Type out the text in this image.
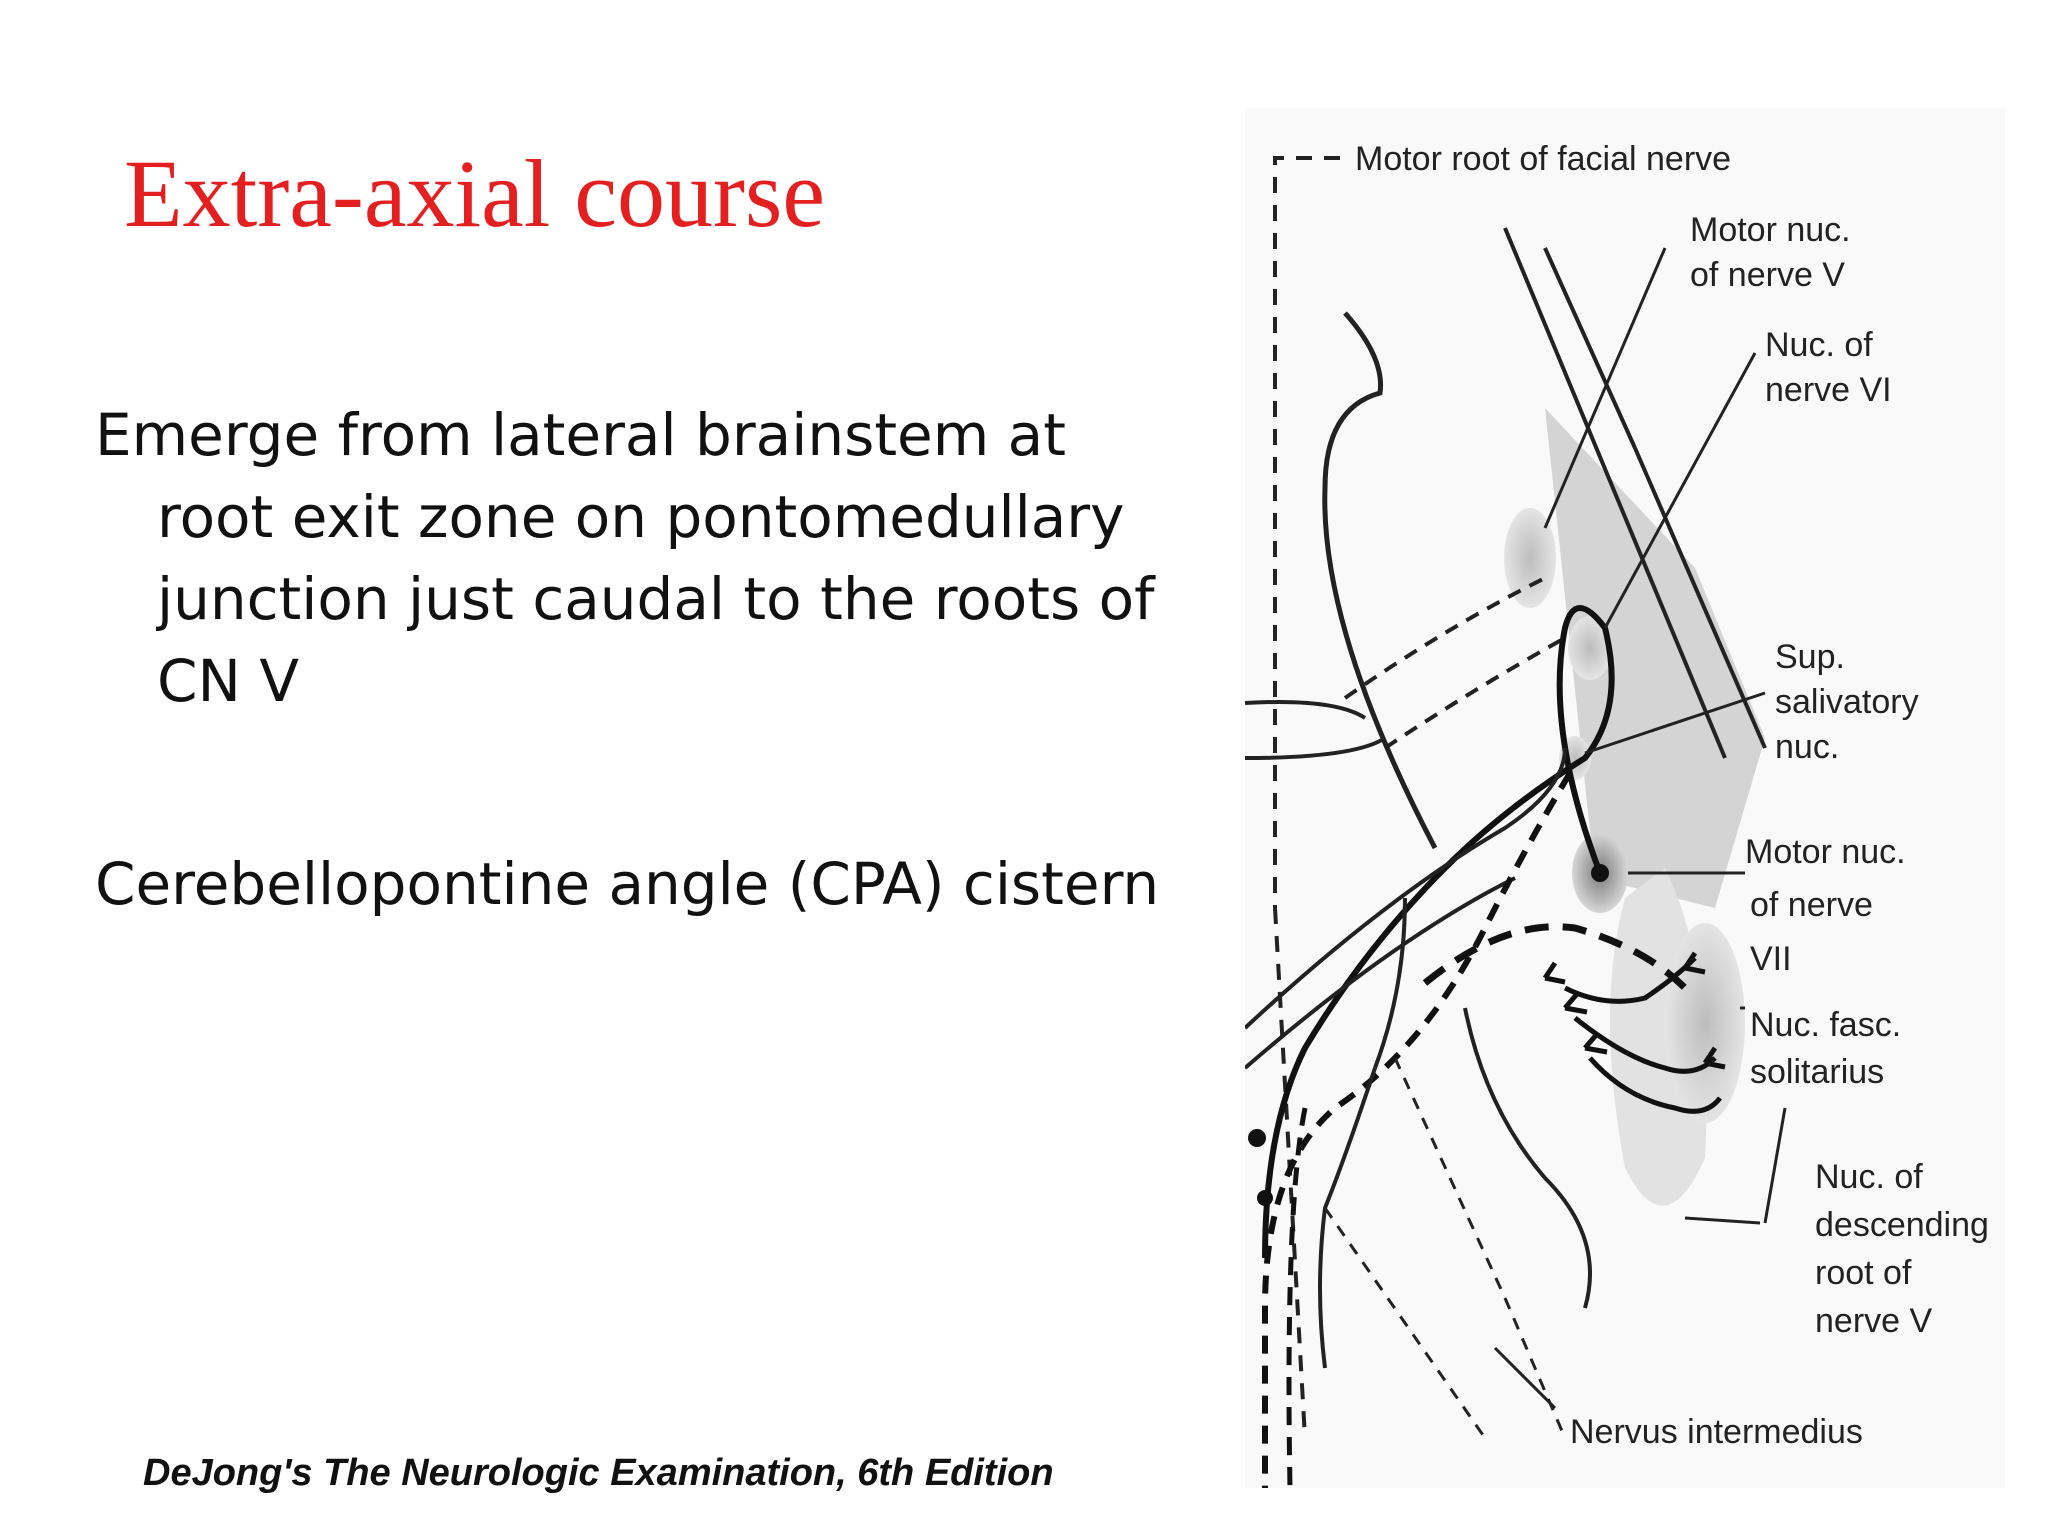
Extra-axial course
Emerge from lateral brainstem at
root exit zone on pontomedullary
junction just caudal to the roots of
CN V
Cerebellopontine angle (CPA) cistern
DeJong's The Neurologic Examination, 6th Edition
Motor root of facial nerve
Motor nuc.
of nerve V
Nuc. of
nerve VI
Sup.
salivatory
nuc.
Motor nuc.
of nerve
VII
Nuc. fasc.
solitarius
Nuc. of
descending
root of
nerve V
Nervus intermedius
